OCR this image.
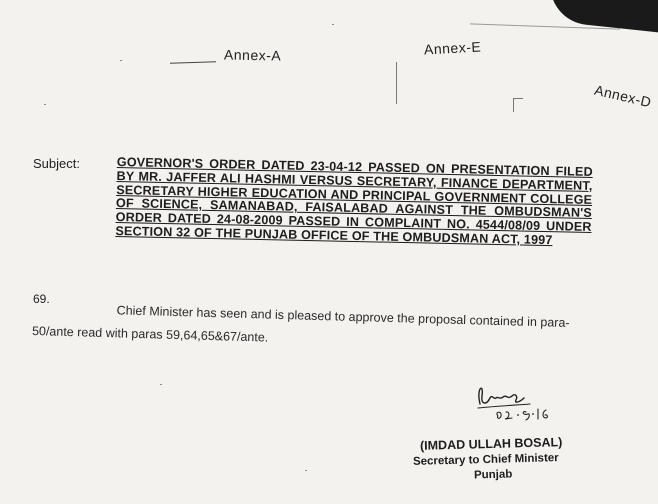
Annex-A	Annex-E
Annex-D
Subject:	GOVERNOR'S ORDER DATED 23-04-12 PASSED ON PRESENTATION FILED BY MR. JAFFER ALI HASHMI VERSUS SECRETARY, FINANCE DEPARTMENT, SECRETARY HIGHER EDUCATION AND PRINCIPAL GOVERNMENT COLLEGE OF SCIENCE, SAMANABAD, FAISALABAD AGAINST THE OMBUDSMAN'S ORDER DATED 24-08-2009 PASSED IN COMPLAINT NO. 4544/08/09 UNDER SECTION 32 OF THE PUNJAB OFFICE OF THE OMBUDSMAN ACT, 1997
69.
Chief Minister has seen and is pleased to approve the proposal contained in para-50/ante read with paras 59,64,65&67/ante.
(IMDAD ULLAH BOSAL)
Secretary to Chief Minister
Punjab
